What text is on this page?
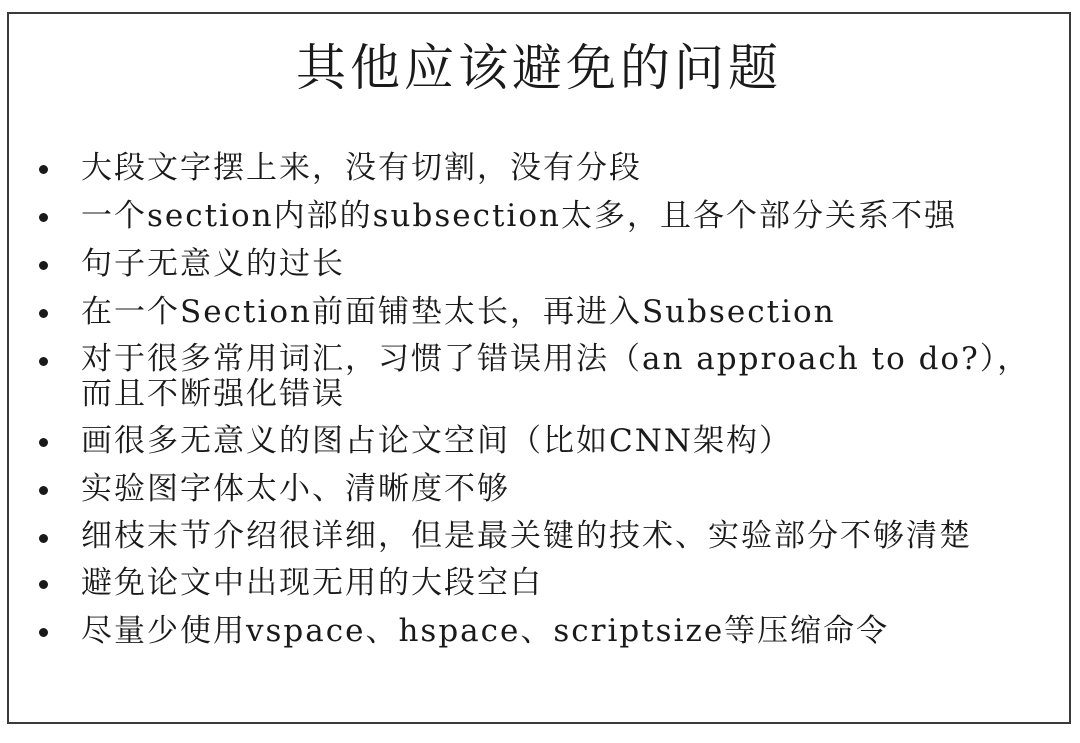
其他应该避免的问题
大段文字摆上来，没有切割，没有分段
一个section内部的subsection太多，且各个部分关系不强
句子无意义的过长
在一个Section前面铺垫太长，再进入Subsection
对于很多常用词汇，习惯了错误用法（an approach to do?），而且不断强化错误
画很多无意义的图占论文空间（比如CNN架构）
实验图字体太小、清晰度不够
细枝末节介绍很详细，但是最关键的技术、实验部分不够清楚
避免论文中出现无用的大段空白
尽量少使用vspace、hspace、scriptsize等压缩命令
